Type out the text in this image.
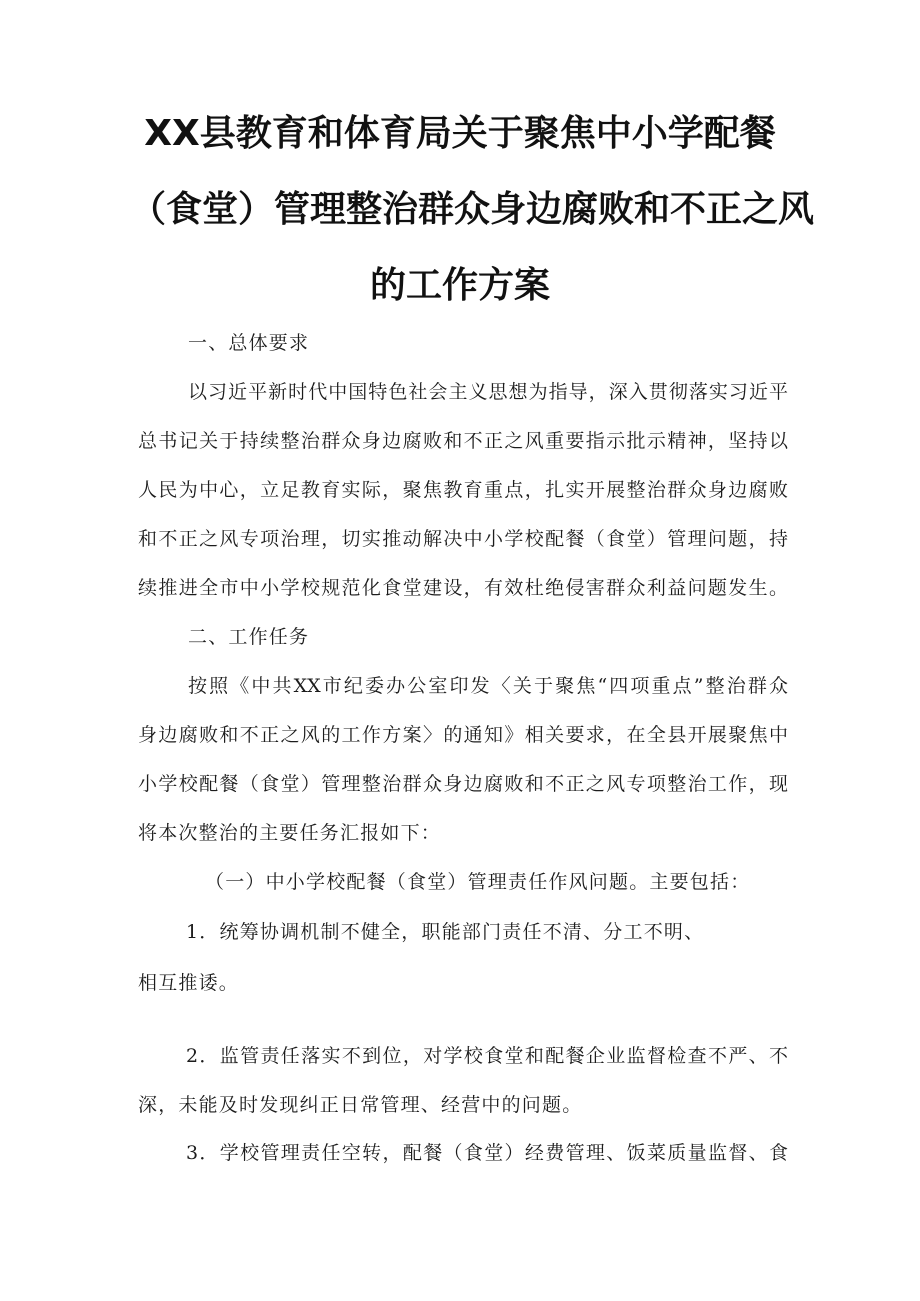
XX县教育和体育局关于聚焦中小学配餐
（食堂）管理整治群众身边腐败和不正之风
的工作方案
一、总体要求
以习近平新时代中国特色社会主义思想为指导，深入贯彻落实习近平
总书记关于持续整治群众身边腐败和不正之风重要指示批示精神，坚持以
人民为中心，立足教育实际，聚焦教育重点，扎实开展整治群众身边腐败
和不正之风专项治理，切实推动解决中小学校配餐（食堂）管理问题，持
续推进全市中小学校规范化食堂建设，有效杜绝侵害群众利益问题发生。
二、工作任务
按照《中共XX市纪委办公室印发〈关于聚焦“四项重点”整治群众
身边腐败和不正之风的工作方案〉的通知》相关要求，在全县开展聚焦中
小学校配餐（食堂）管理整治群众身边腐败和不正之风专项整治工作，现
将本次整治的主要任务汇报如下：
（一）中小学校配餐（食堂）管理责任作风问题。主要包括：
1．统筹协调机制不健全，职能部门责任不清、分工不明、
相互推诿。
2．监管责任落实不到位，对学校食堂和配餐企业监督检查不严、不
深，未能及时发现纠正日常管理、经营中的问题。
3．学校管理责任空转，配餐（食堂）经费管理、饭菜质量监督、食
